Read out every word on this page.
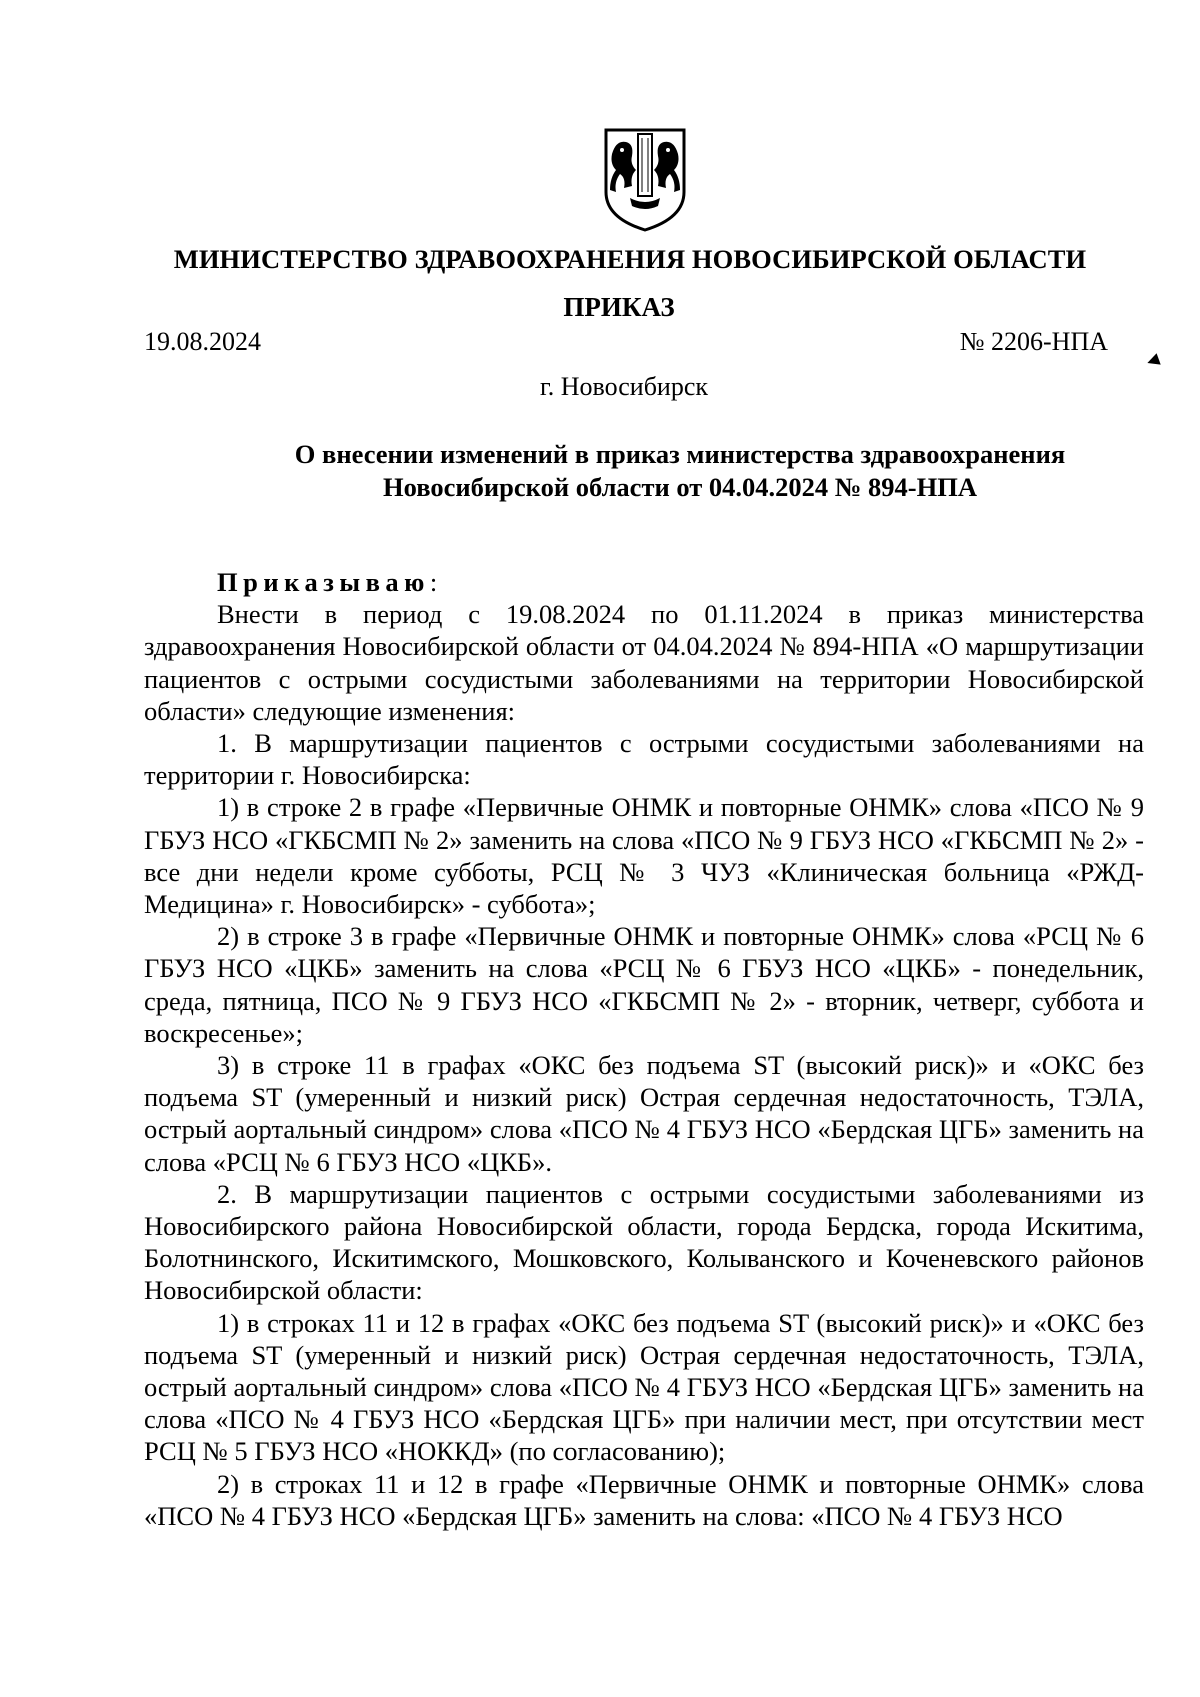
МИНИСТЕРСТВО ЗДРАВООХРАНЕНИЯ НОВОСИБИРСКОЙ ОБЛАСТИ
ПРИКАЗ
19.08.2024	№ 2206-НПА
г. Новосибирск
О внесении изменений в приказ министерства здравоохранения
Новосибирской области от 04.04.2024 № 894-НПА

Приказываю:

Внести в период с 19.08.2024 по 01.11.2024 в приказ министерства здравоохранения Новосибирской области от 04.04.2024 № 894-НПА «О маршрутизации пациентов с острыми сосудистыми заболеваниями на территории Новосибирской области» следующие изменения:

1. В маршрутизации пациентов с острыми сосудистыми заболеваниями на территории г. Новосибирска:

1) в строке 2 в графе «Первичные ОНМК и повторные ОНМК» слова «ПСО № 9 ГБУЗ НСО «ГКБСМП № 2» заменить на слова «ПСО № 9 ГБУЗ НСО «ГКБСМП № 2» - все дни недели кроме субботы, РСЦ № 3 ЧУЗ «Клиническая больница «РЖД-Медицина» г. Новосибирск» - суббота»;

2) в строке 3 в графе «Первичные ОНМК и повторные ОНМК» слова «РСЦ № 6 ГБУЗ НСО «ЦКБ» заменить на слова «РСЦ № 6 ГБУЗ НСО «ЦКБ» - понедельник, среда, пятница, ПСО № 9 ГБУЗ НСО «ГКБСМП № 2» - вторник, четверг, суббота и воскресенье»;

3) в строке 11 в графах «ОКС без подъема ST (высокий риск)» и «ОКС без подъема ST (умеренный и низкий риск) Острая сердечная недостаточность, ТЭЛА, острый аортальный синдром» слова «ПСО № 4 ГБУЗ НСО «Бердская ЦГБ» заменить на слова «РСЦ № 6 ГБУЗ НСО «ЦКБ».

2. В маршрутизации пациентов с острыми сосудистыми заболеваниями из Новосибирского района Новосибирской области, города Бердска, города Искитима, Болотнинского, Искитимского, Мошковского, Колыванского и Коченевского районов Новосибирской области:

1) в строках 11 и 12 в графах «ОКС без подъема ST (высокий риск)» и «ОКС без подъема ST (умеренный и низкий риск) Острая сердечная недостаточность, ТЭЛА, острый аортальный синдром» слова «ПСО № 4 ГБУЗ НСО «Бердская ЦГБ» заменить на слова «ПСО № 4 ГБУЗ НСО «Бердская ЦГБ» при наличии мест, при отсутствии мест РСЦ № 5 ГБУЗ НСО «НОККД» (по согласованию);

2) в строках 11 и 12 в графе «Первичные ОНМК и повторные ОНМК» слова «ПСО № 4 ГБУЗ НСО «Бердская ЦГБ» заменить на слова: «ПСО № 4 ГБУЗ НСО
